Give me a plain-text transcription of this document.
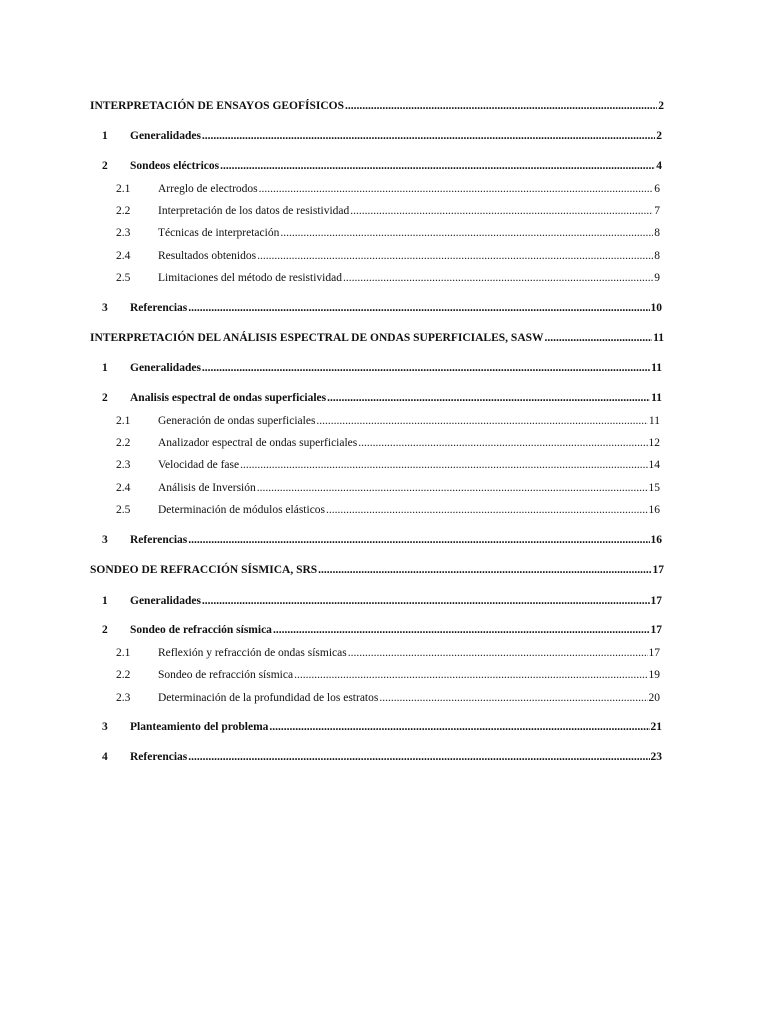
INTERPRETACIÓN DE ENSAYOS GEOFÍSICOS .....	2
1	Generalidades .....	2
2	Sondeos eléctricos .....	4
2.1	Arreglo de electrodos .....	6
2.2	Interpretación de los datos de resistividad .....	7
2.3	Técnicas de interpretación .....	8
2.4	Resultados obtenidos .....	8
2.5	Limitaciones del método de resistividad .....	9
3	Referencias .....	10
INTERPRETACIÓN DEL ANÁLISIS ESPECTRAL DE ONDAS SUPERFICIALES, SASW .....	11
1	Generalidades .....	11
2	Analisis espectral de ondas superficiales .....	11
2.1	Generación de ondas superficiales .....	11
2.2	Analizador espectral de ondas superficiales .....	12
2.3	Velocidad de fase .....	14
2.4	Análisis de Inversión .....	15
2.5	Determinación de módulos elásticos .....	16
3	Referencias .....	16
SONDEO DE REFRACCIÓN SÍSMICA, SRS .....	17
1	Generalidades .....	17
2	Sondeo de refracción sísmica .....	17
2.1	Reflexión y refracción de ondas sísmicas .....	17
2.2	Sondeo de refracción sísmica .....	19
2.3	Determinación de la profundidad de los estratos .....	20
3	Planteamiento del problema .....	21
4	Referencias .....	23
